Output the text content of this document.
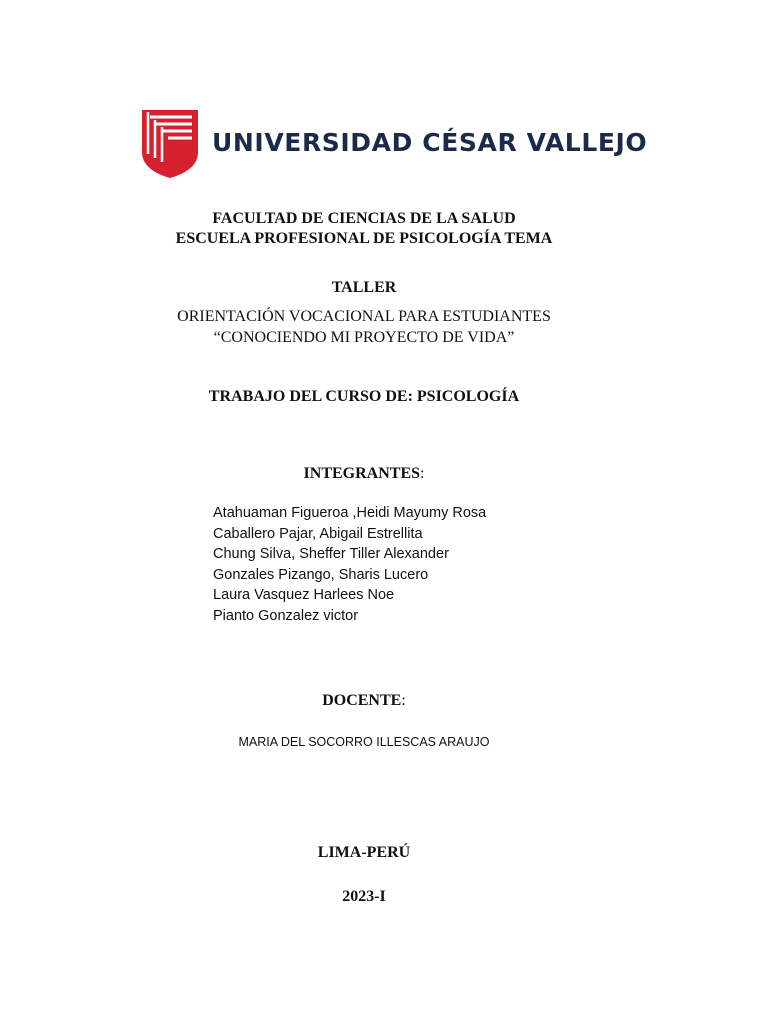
UNIVERSIDAD CÉSAR VALLEJO
FACULTAD DE CIENCIAS DE LA SALUD
ESCUELA PROFESIONAL DE PSICOLOGÍA TEMA
TALLER
ORIENTACIÓN VOCACIONAL PARA ESTUDIANTES “CONOCIENDO MI PROYECTO DE VIDA”
TRABAJO DEL CURSO DE: PSICOLOGÍA
INTEGRANTES:
Atahuaman Figueroa ,Heidi Mayumy Rosa
Caballero Pajar, Abigail Estrellita
Chung Silva, Sheffer Tiller Alexander
Gonzales Pizango, Sharis Lucero
Laura Vasquez Harlees Noe
Pianto Gonzalez victor
DOCENTE:
MARIA DEL SOCORRO ILLESCAS ARAUJO
LIMA-PERÚ
2023-I
